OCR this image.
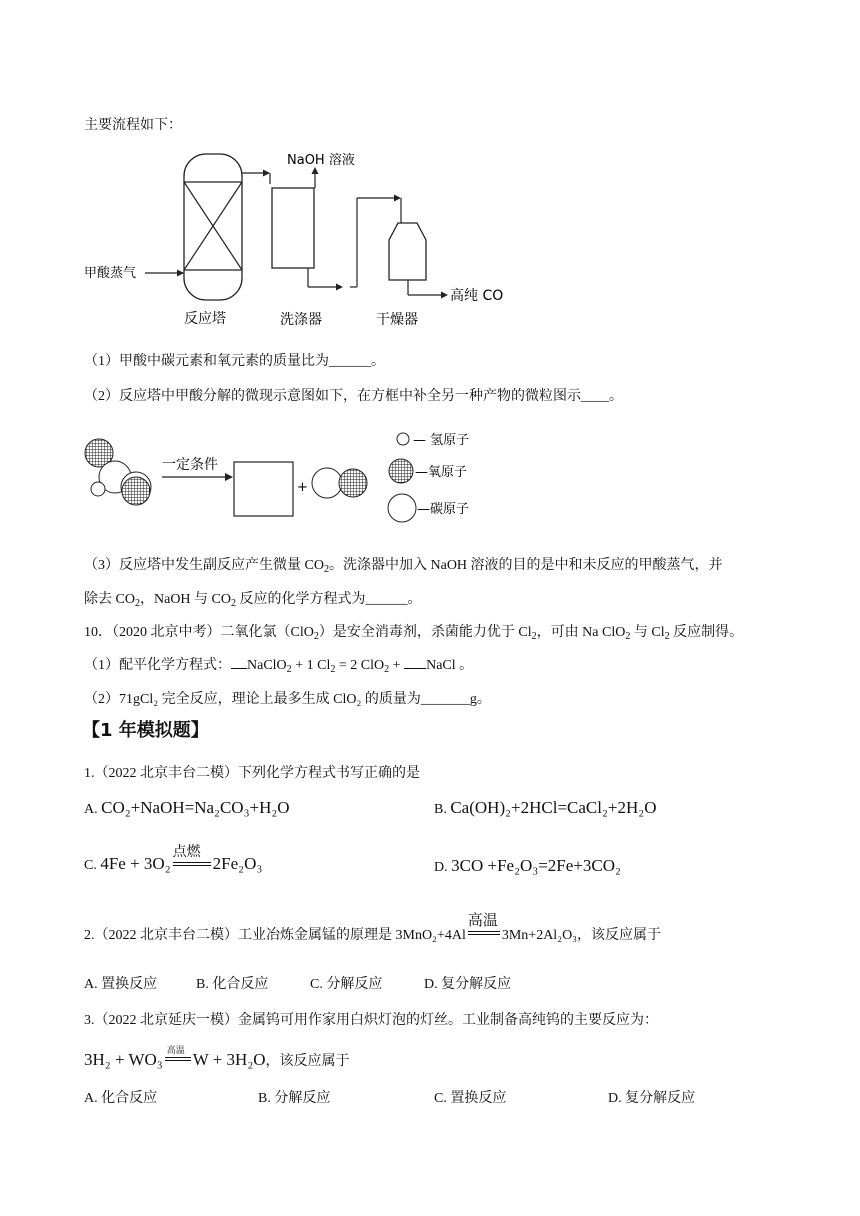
主要流程如下：
NaOH 溶液
甲酸蒸气
反应塔	洗涤器	干燥器
高纯 CO
（1）甲酸中碳元素和氧元素的质量比为______。
（2）反应塔中甲酸分解的微现示意图如下，在方框中补全另一种产物的微粒图示____。
一定条件
+
— 氢原子
—氧原子
—碳原子
（3）反应塔中发生副反应产生微量 $CO_2$。洗涤器中加入 NaOH 溶液的目的是中和未反应的甲酸蒸气，并
除去 $CO_2$，NaOH 与 $CO_2$ 反应的化学方程式为______。
10．（2020 北京中考）二氧化氯（ClO$_2$）是安全消毒剂，杀菌能力优于 $Cl_2$，可由 Na ClO$_2$ 与 $Cl_2$ 反应制得。
（1）配平化学方程式： NaClO$_2$ + 1 $Cl_2 = 2$ ClO$_2$ + NaCl 。
（2）71gCl₂ 完全反应，理论上最多生成 ClO₂ 的质量为_______g。
【1 年模拟题】
1.（2022 北京丰台二模）下列化学方程式书写正确的是
A. CO₂+NaOH=Na₂CO₃+H₂O	B. Ca(OH)₂+2HCl=CaCl₂+2H₂O
C. 4Fe + 3O₂
点燃
2Fe₂O₃	D. 3CO +Fe₂O₃=2Fe+3CO₂
2.（2022 北京丰台二模）工业冶炼金属锰的原理是 3MnO₂+4Al
高温
3Mn+2Al₂O₃，该反应属于
A. 置换反应	B. 化合反应	C. 分解反应	D. 复分解反应
3.（2022 北京延庆一模）金属钨可用作家用白炽灯泡的灯丝。工业制备高纯钨的主要反应为：
3H₂ + WO₃ 高温 W + 3H₂O，该反应属于
A. 化合反应	B. 分解反应	C. 置换反应	D. 复分解反应
